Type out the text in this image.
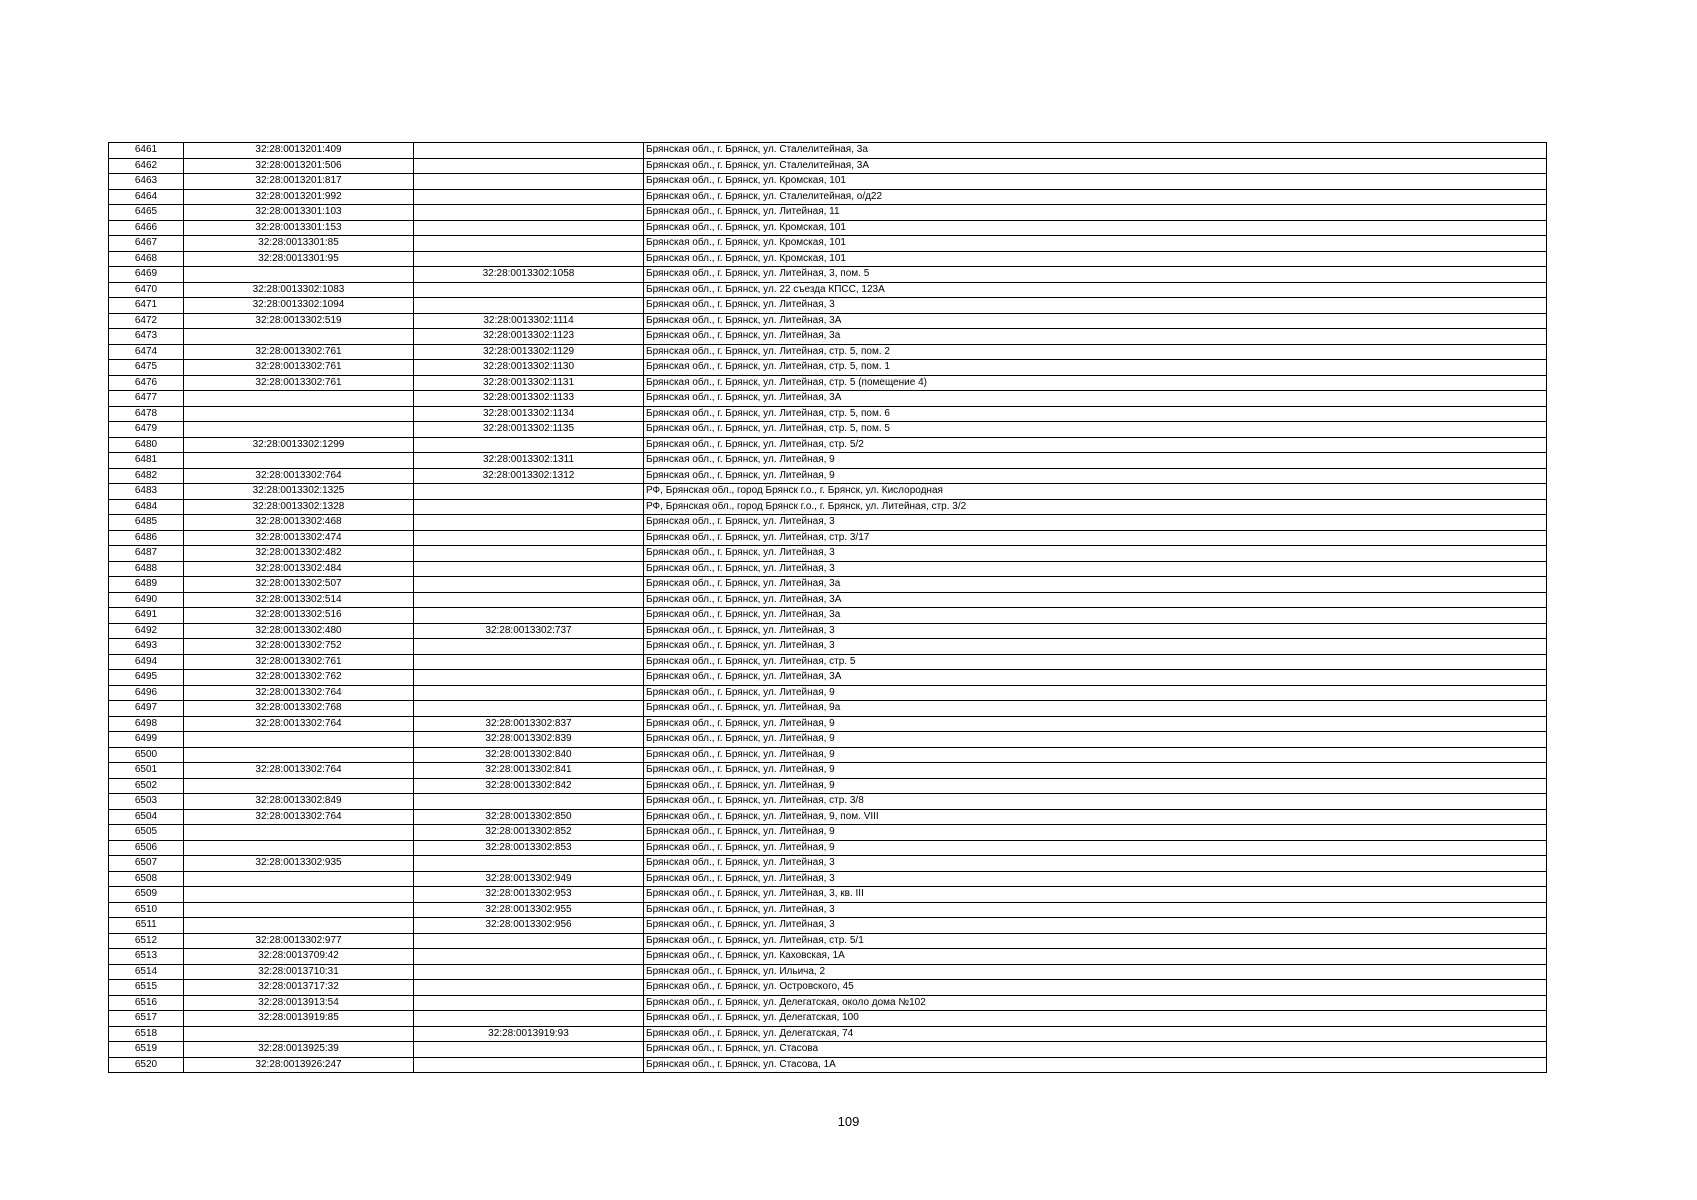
6461	32:28:0013201:409		Брянская обл., г. Брянск, ул. Сталелитейная, 3а
6462	32:28:0013201:506		Брянская обл., г. Брянск, ул. Сталелитейная, 3А
6463	32:28:0013201:817		Брянская обл., г. Брянск, ул. Кромская, 101
6464	32:28:0013201:992		Брянская обл., г. Брянск, ул. Сталелитейная, о/д22
6465	32:28:0013301:103		Брянская обл., г. Брянск, ул. Литейная, 11
6466	32:28:0013301:153		Брянская обл., г. Брянск, ул. Кромская, 101
6467	32:28:0013301:85		Брянская обл., г. Брянск, ул. Кромская, 101
6468	32:28:0013301:95		Брянская обл., г. Брянск, ул. Кромская, 101
6469		32:28:0013302:1058	Брянская обл., г. Брянск, ул. Литейная, 3, пом. 5
6470	32:28:0013302:1083		Брянская обл., г. Брянск, ул. 22 съезда КПСС, 123А
6471	32:28:0013302:1094		Брянская обл., г. Брянск, ул. Литейная, 3
6472	32:28:0013302:519	32:28:0013302:1114	Брянская обл., г. Брянск, ул. Литейная, 3А
6473		32:28:0013302:1123	Брянская обл., г. Брянск, ул. Литейная, 3а
6474	32:28:0013302:761	32:28:0013302:1129	Брянская обл., г. Брянск, ул. Литейная, стр. 5, пом. 2
6475	32:28:0013302:761	32:28:0013302:1130	Брянская обл., г. Брянск, ул. Литейная, стр. 5, пом. 1
6476	32:28:0013302:761	32:28:0013302:1131	Брянская обл., г. Брянск, ул. Литейная, стр. 5 (помещение 4)
6477		32:28:0013302:1133	Брянская обл., г. Брянск, ул. Литейная, 3А
6478		32:28:0013302:1134	Брянская обл., г. Брянск, ул. Литейная, стр. 5, пом. 6
6479		32:28:0013302:1135	Брянская обл., г. Брянск, ул. Литейная, стр. 5, пом. 5
6480	32:28:0013302:1299		Брянская обл., г. Брянск, ул. Литейная, стр. 5/2
6481		32:28:0013302:1311	Брянская обл., г. Брянск, ул. Литейная, 9
6482	32:28:0013302:764	32:28:0013302:1312	Брянская обл., г. Брянск, ул. Литейная, 9
6483	32:28:0013302:1325		РФ, Брянская обл., город Брянск г.о., г. Брянск, ул. Кислородная
6484	32:28:0013302:1328		РФ, Брянская обл., город Брянск г.о., г. Брянск, ул. Литейная, стр. 3/2
6485	32:28:0013302:468		Брянская обл., г. Брянск, ул. Литейная, 3
6486	32:28:0013302:474		Брянская обл., г. Брянск, ул. Литейная, стр. 3/17
6487	32:28:0013302:482		Брянская обл., г. Брянск, ул. Литейная, 3
6488	32:28:0013302:484		Брянская обл., г. Брянск, ул. Литейная, 3
6489	32:28:0013302:507		Брянская обл., г. Брянск, ул. Литейная, 3а
6490	32:28:0013302:514		Брянская обл., г. Брянск, ул. Литейная, 3А
6491	32:28:0013302:516		Брянская обл., г. Брянск, ул. Литейная, 3а
6492	32:28:0013302:480	32:28:0013302:737	Брянская обл., г. Брянск, ул. Литейная, 3
6493	32:28:0013302:752		Брянская обл., г. Брянск, ул. Литейная, 3
6494	32:28:0013302:761		Брянская обл., г. Брянск, ул. Литейная, стр. 5
6495	32:28:0013302:762		Брянская обл., г. Брянск, ул. Литейная, 3А
6496	32:28:0013302:764		Брянская обл., г. Брянск, ул. Литейная, 9
6497	32:28:0013302:768		Брянская обл., г. Брянск, ул. Литейная, 9а
6498	32:28:0013302:764	32:28:0013302:837	Брянская обл., г. Брянск, ул. Литейная, 9
6499		32:28:0013302:839	Брянская обл., г. Брянск, ул. Литейная, 9
6500		32:28:0013302:840	Брянская обл., г. Брянск, ул. Литейная, 9
6501	32:28:0013302:764	32:28:0013302:841	Брянская обл., г. Брянск, ул. Литейная, 9
6502		32:28:0013302:842	Брянская обл., г. Брянск, ул. Литейная, 9
6503	32:28:0013302:849		Брянская обл., г. Брянск, ул. Литейная, стр. 3/8
6504	32:28:0013302:764	32:28:0013302:850	Брянская обл., г. Брянск, ул. Литейная, 9, пом. VIII
6505		32:28:0013302:852	Брянская обл., г. Брянск, ул. Литейная, 9
6506		32:28:0013302:853	Брянская обл., г. Брянск, ул. Литейная, 9
6507	32:28:0013302:935		Брянская обл., г. Брянск, ул. Литейная, 3
6508		32:28:0013302:949	Брянская обл., г. Брянск, ул. Литейная, 3
6509		32:28:0013302:953	Брянская обл., г. Брянск, ул. Литейная, 3, кв. III
6510		32:28:0013302:955	Брянская обл., г. Брянск, ул. Литейная, 3
6511		32:28:0013302:956	Брянская обл., г. Брянск, ул. Литейная, 3
6512	32:28:0013302:977		Брянская обл., г. Брянск, ул. Литейная, стр. 5/1
6513	32:28:0013709:42		Брянская обл., г. Брянск, ул. Каховская, 1А
6514	32:28:0013710:31		Брянская обл., г. Брянск, ул. Ильича, 2
6515	32:28:0013717:32		Брянская обл., г. Брянск, ул. Островского, 45
6516	32:28:0013913:54		Брянская обл., г. Брянск, ул. Делегатская, около дома №102
6517	32:28:0013919:85		Брянская обл., г. Брянск, ул. Делегатская, 100
6518		32:28:0013919:93	Брянская обл., г. Брянск, ул. Делегатская, 74
6519	32:28:0013925:39		Брянская обл., г. Брянск, ул. Стасова
6520	32:28:0013926:247		Брянская обл., г. Брянск, ул. Стасова, 1А
109
